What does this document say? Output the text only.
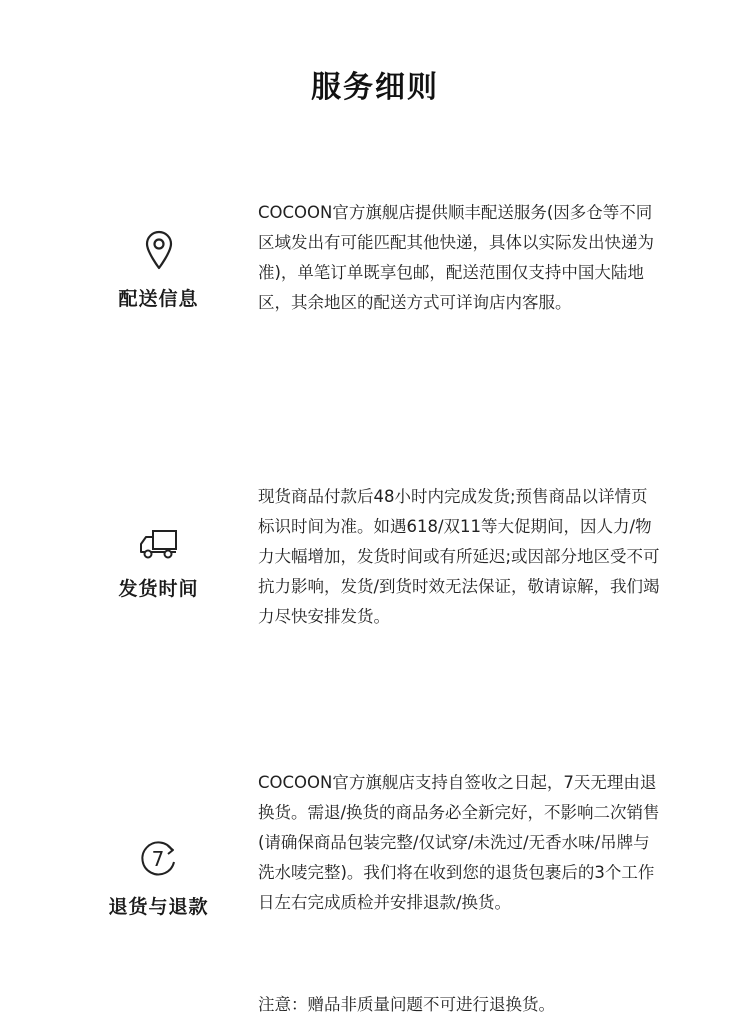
服务细则
配送信息
COCOON官方旗舰店提供顺丰配送服务(因多仓等不同区域发出有可能匹配其他快递，具体以实际发出快递为准)，单笔订单既享包邮，配送范围仅支持中国大陆地区，其余地区的配送方式可详询店内客服。
发货时间
现货商品付款后48小时内完成发货;预售商品以详情页标识时间为准。如遇618/双11等大促期间，因人力/物力大幅增加，发货时间或有所延迟;或因部分地区受不可抗力影响，发货/到货时效无法保证，敬请谅解，我们竭力尽快安排发货。
7
退货与退款
COCOON官方旗舰店支持自签收之日起，7天无理由退换货。需退/换货的商品务必全新完好，不影响二次销售　(请确保商品包装完整/仅试穿/未洗过/无香水味/吊牌与洗水唛完整)。我们将在收到您的退货包裹后的3个工作日左右完成质检并安排退款/换货。
注意：赠品非质量问题不可进行退换货。
